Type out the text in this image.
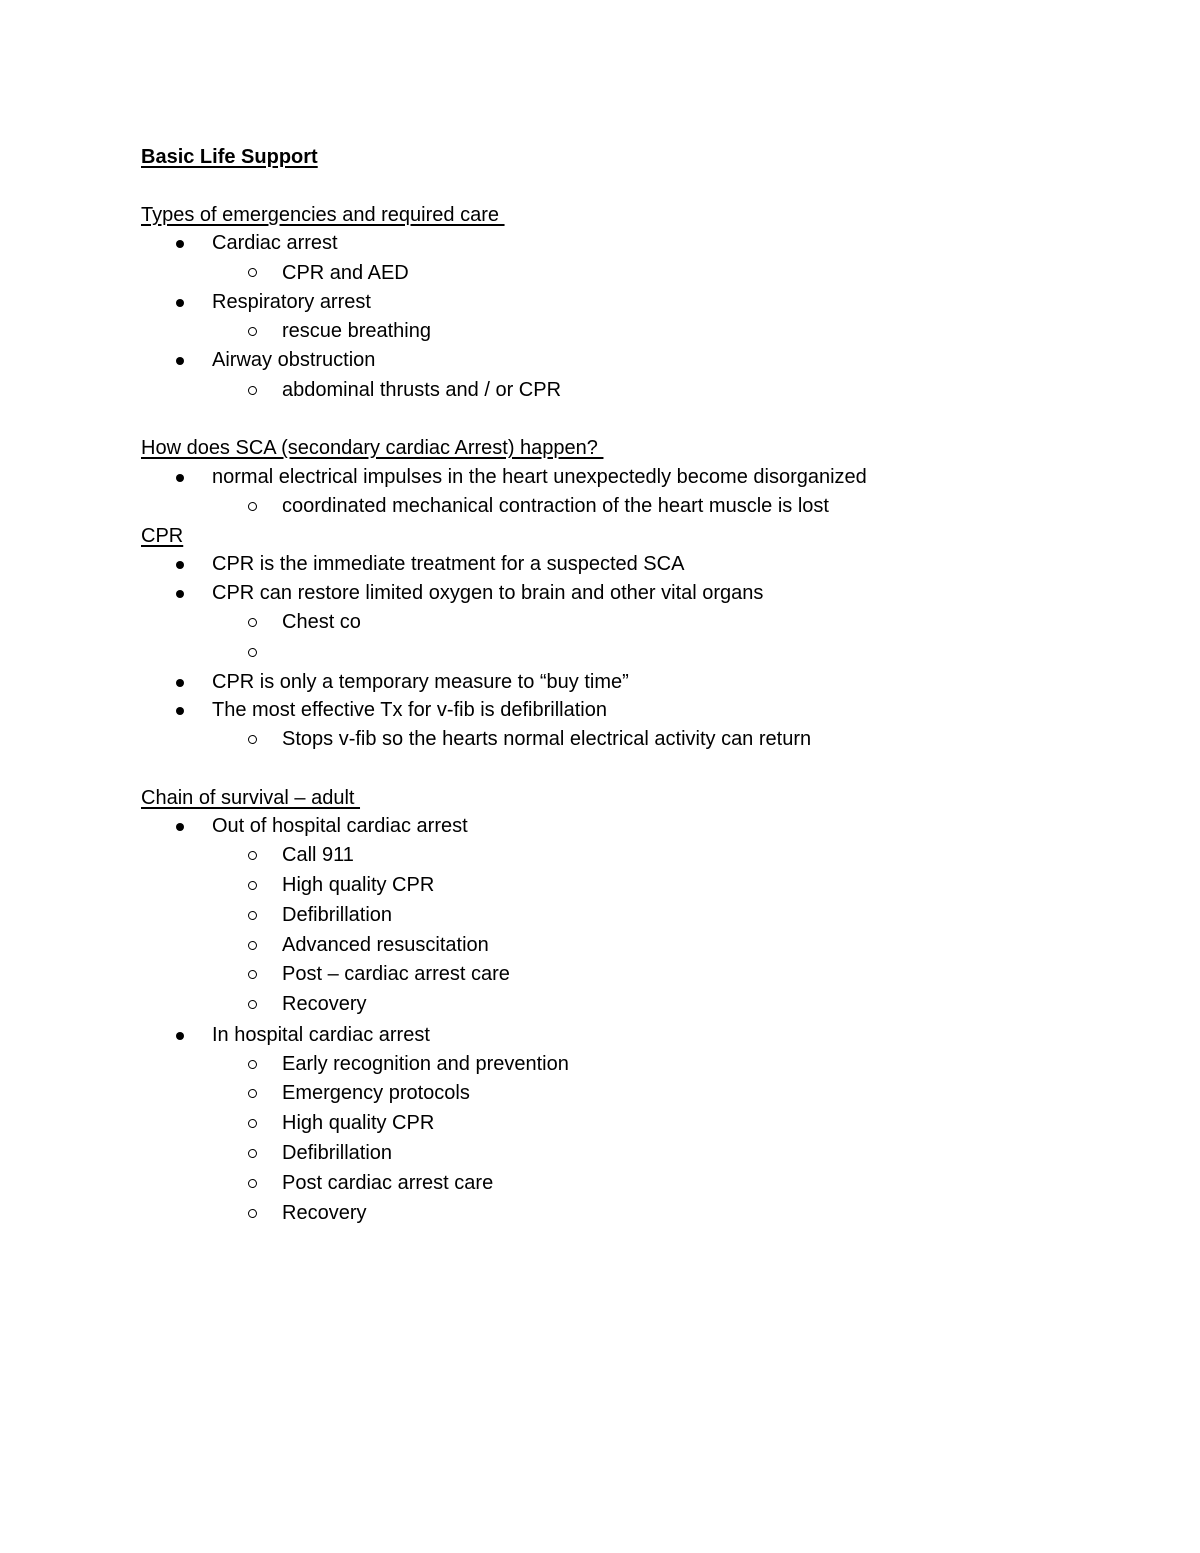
Basic Life Support
Types of emergencies and required care
Cardiac arrest
CPR and AED
Respiratory arrest
rescue breathing
Airway obstruction
abdominal thrusts and / or CPR
How does SCA (secondary cardiac Arrest) happen?
normal electrical impulses in the heart unexpectedly become disorganized
coordinated mechanical contraction of the heart muscle is lost
CPR
CPR is the immediate treatment for a suspected SCA
CPR can restore limited oxygen to brain and other vital organs
Chest co
CPR is only a temporary measure to “buy time”
The most effective Tx for v-fib is defibrillation
Stops v-fib so the hearts normal electrical activity can return
Chain of survival – adult
Out of hospital cardiac arrest
Call 911
High quality CPR
Defibrillation
Advanced resuscitation
Post – cardiac arrest care
Recovery
In hospital cardiac arrest
Early recognition and prevention
Emergency protocols
High quality CPR
Defibrillation
Post cardiac arrest care
Recovery
